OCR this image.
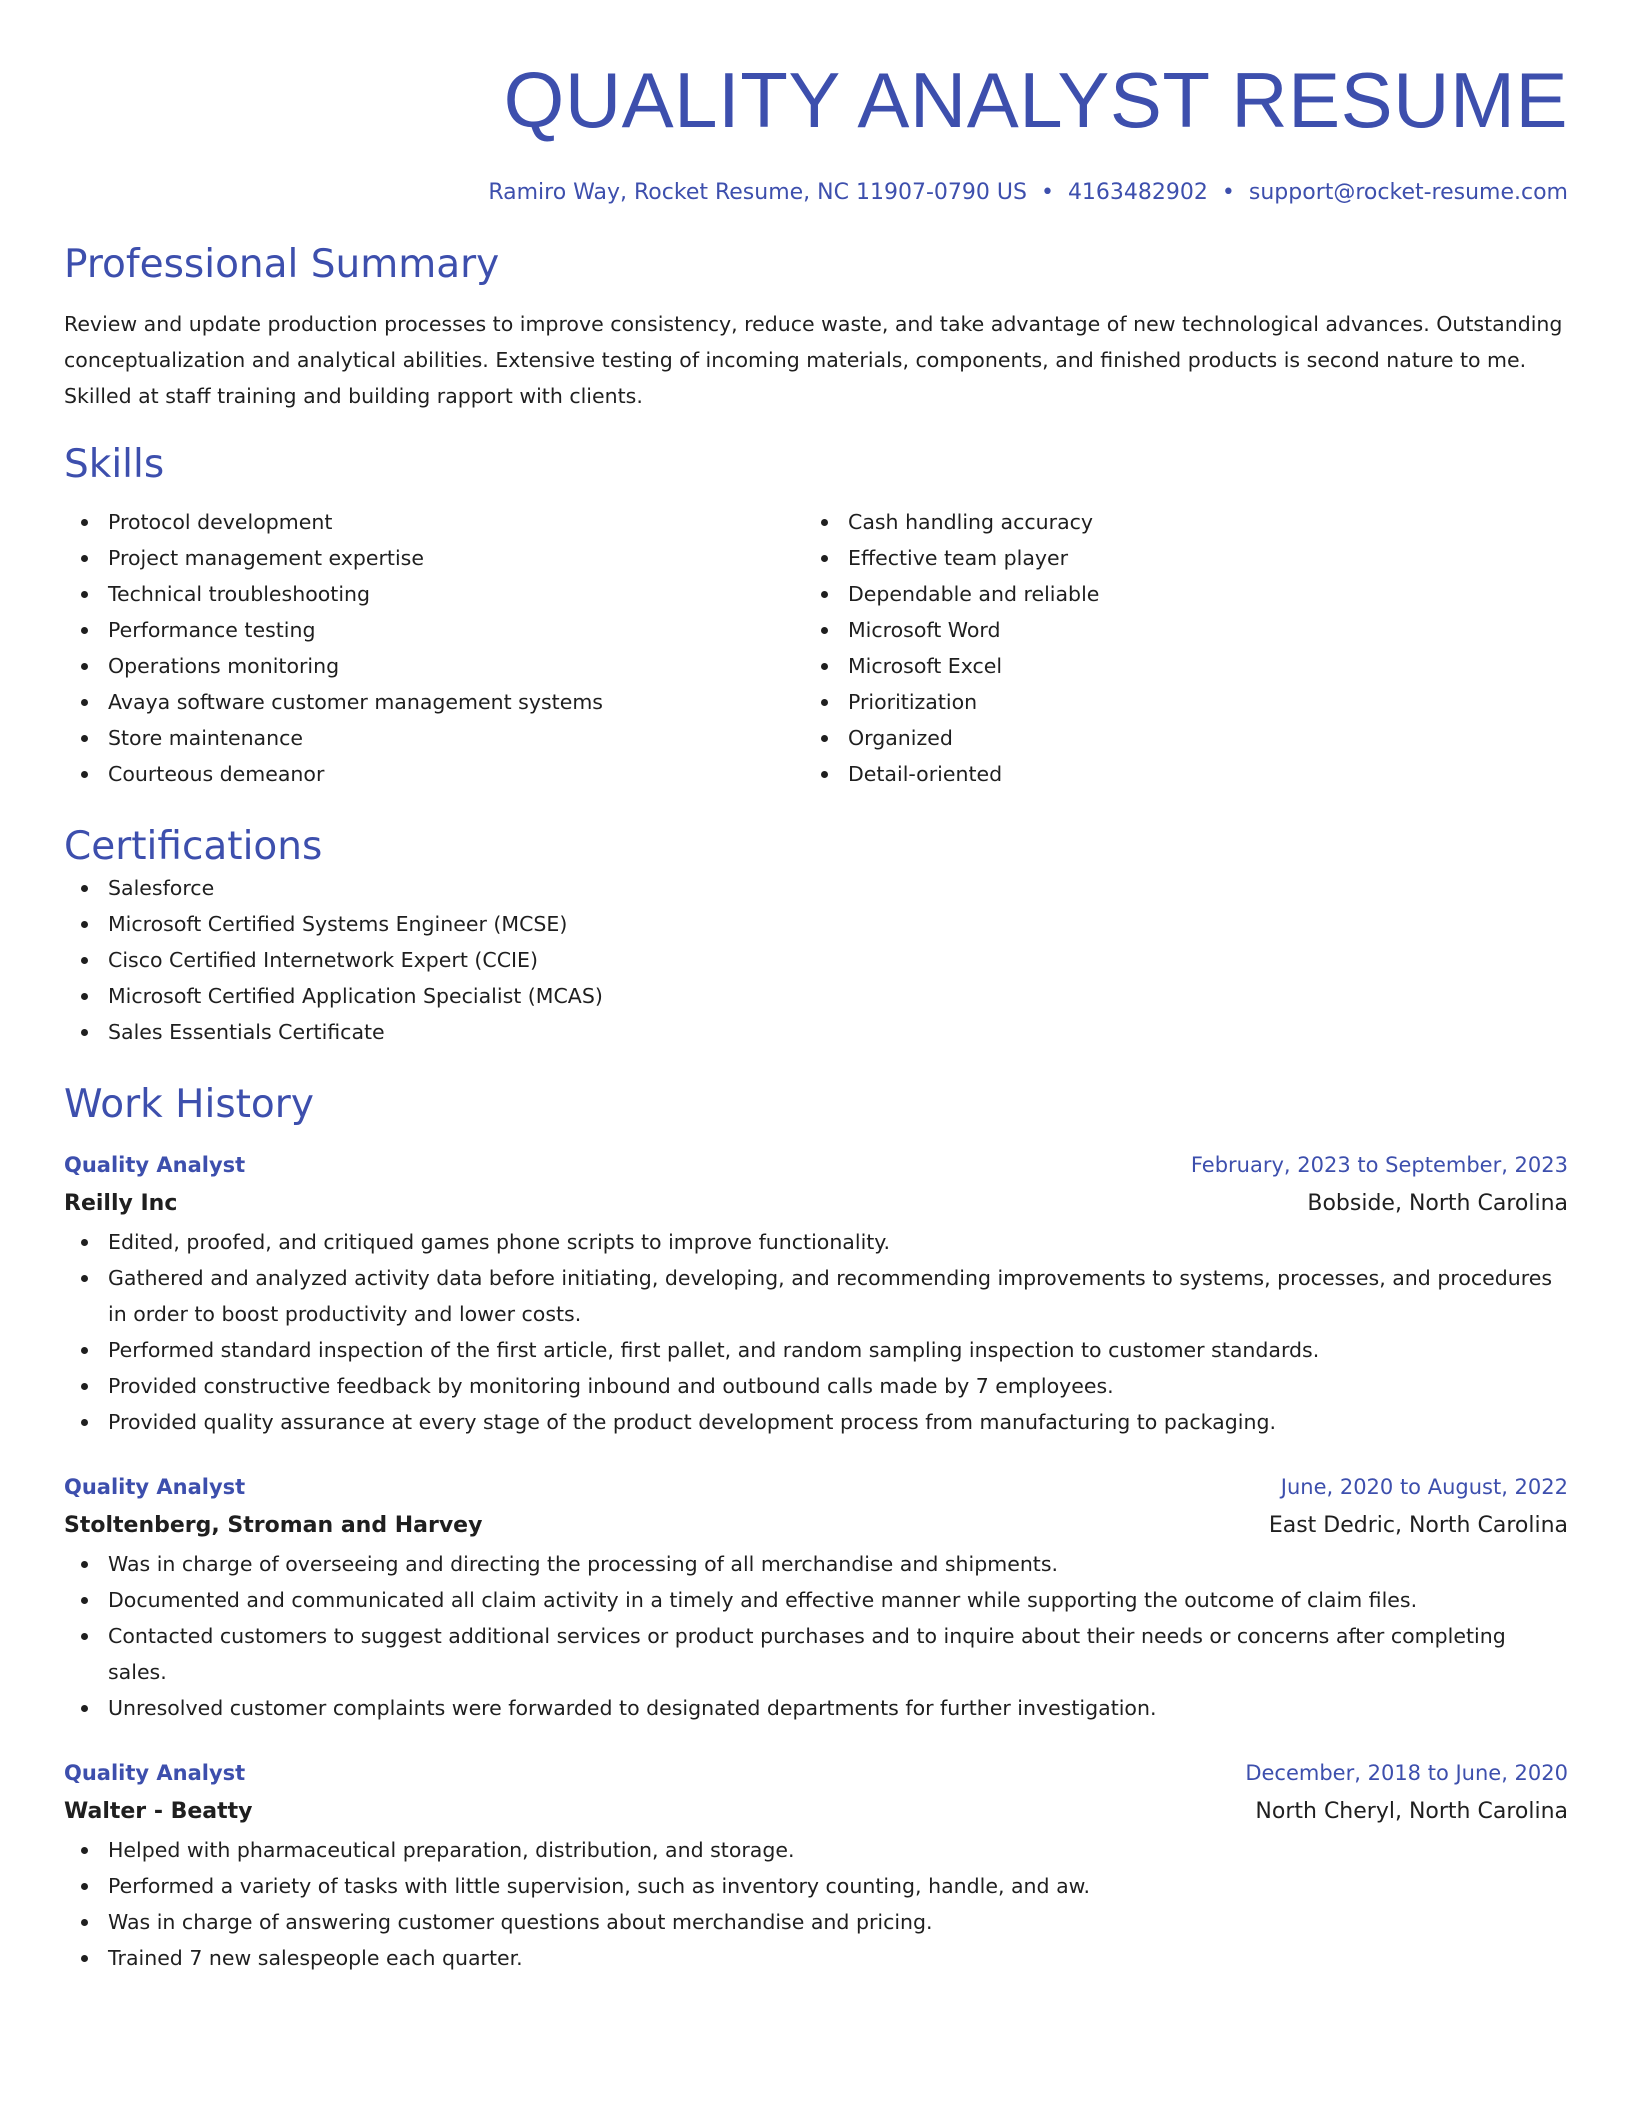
QUALITY ANALYST RESUME
Ramiro Way, Rocket Resume, NC 11907-0790 US • 4163482902 • support@rocket-resume.com
Professional Summary

Review and update production processes to improve consistency, reduce waste, and take advantage of new technological advances. Outstanding conceptualization and analytical abilities. Extensive testing of incoming materials, components, and finished products is second nature to me. Skilled at staff training and building rapport with clients.

Skills
Protocol development
Project management expertise
Technical troubleshooting
Performance testing
Operations monitoring
Avaya software customer management systems
Store maintenance
Courteous demeanor
Cash handling accuracy
Effective team player
Dependable and reliable
Microsoft Word
Microsoft Excel
Prioritization
Organized
Detail-oriented
Certifications
Salesforce
Microsoft Certified Systems Engineer (MCSE)
Cisco Certified Internetwork Expert (CCIE)
Microsoft Certified Application Specialist (MCAS)
Sales Essentials Certificate
Work History
Quality Analyst	February, 2023 to September, 2023
Reilly Inc	Bobside, North Carolina
Edited, proofed, and critiqued games phone scripts to improve functionality.
Gathered and analyzed activity data before initiating, developing, and recommending improvements to systems, processes, and procedures in order to boost productivity and lower costs.
Performed standard inspection of the first article, first pallet, and random sampling inspection to customer standards.
Provided constructive feedback by monitoring inbound and outbound calls made by 7 employees.
Provided quality assurance at every stage of the product development process from manufacturing to packaging.
Quality Analyst	June, 2020 to August, 2022
Stoltenberg, Stroman and Harvey	East Dedric, North Carolina
Was in charge of overseeing and directing the processing of all merchandise and shipments.
Documented and communicated all claim activity in a timely and effective manner while supporting the outcome of claim files.
Contacted customers to suggest additional services or product purchases and to inquire about their needs or concerns after completing sales.
Unresolved customer complaints were forwarded to designated departments for further investigation.
Quality Analyst	December, 2018 to June, 2020
Walter - Beatty	North Cheryl, North Carolina
Helped with pharmaceutical preparation, distribution, and storage.
Performed a variety of tasks with little supervision, such as inventory counting, handle, and aw.
Was in charge of answering customer questions about merchandise and pricing.
Trained 7 new salespeople each quarter.
